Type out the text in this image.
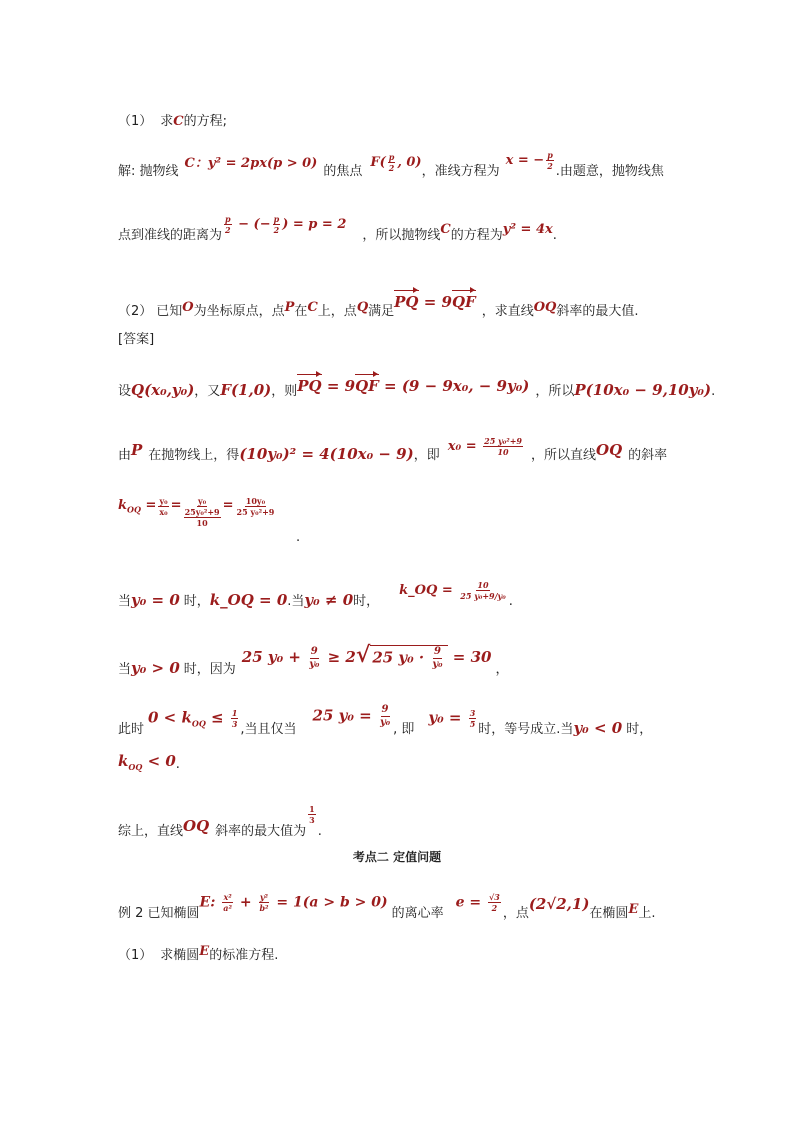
（1） 求 C 的方程;
解: 抛物线
C：y² = 2px(p > 0)
的焦点
$F( \frac{p}{2}$ , 0)
，准线方程为
x = − $\frac{p}{2}$
.由题意，抛物线焦
点到准线的距离为
$\frac{p}{2}$ − (− $\frac{p}{2}$ ) = p = 2
，所以抛物线 C 的方程为 y² = 4x .
（2） 已知 O 为坐标原点，点 P 在 C 上，点 Q 满足
PQ = 9QF
，求直线 OQ 斜率的最大值.
[答案]
设 Q(x₀,y₀) ，又 F(1,0) ，则 PQ = 9QF = (9 − 9x₀, − 9y₀) ，所以 P(10x₀ − 9,10y₀) .
由 P 在抛物线上，得 (10y₀)² = 4(10x₀ − 9) ，即
$x_0 = \frac{\text{25 y₀²+9}}{10}$ ，所以直线 OQ 的斜率
$k_{OQ} = \frac{\text{y₀}}{\text{x₀}} = y_0$
25y₀²+9
10
= $\frac{\text{10y₀}}{\text{25 y₀²+9}}$
.
当 y₀ = 0 时， k_OQ = 0 .当 y₀ ≠ 0 时，
k_OQ = $\frac{10}{\text{25 y₀+9/y₀}}$
.
当 y₀ > 0 时，因为
25 $y_0 + \frac{9}{\text{y₀}} \ge 2√$ 25 $y_0 \cdot \frac{9}{\text{y₀}} = 30$
，
此时
$0 < k_{OQ} \le \frac{1}{3}$
,当且仅当
25 $y_0 = \frac{9}{\text{y₀}}$
, 即
$y_0 = \frac{3}{5}$
时，等号成立.当 y₀ < 0 时，
$k_{OQ} < 0$ .
综上，直线 OQ 斜率的最大值为
$\frac{1}{3}$
.
考点二 定值问题
例 2 已知椭圆
E: $\frac{\text{x²}}{\text{a²}} + \frac{\text{y²}}{\text{b²}} = 1(a > b > 0)$
的离心率
$e = \frac{√3}{2}$
，点
(2√2,1)
在椭圆 E 上.
（1） 求椭圆 E 的标准方程.
